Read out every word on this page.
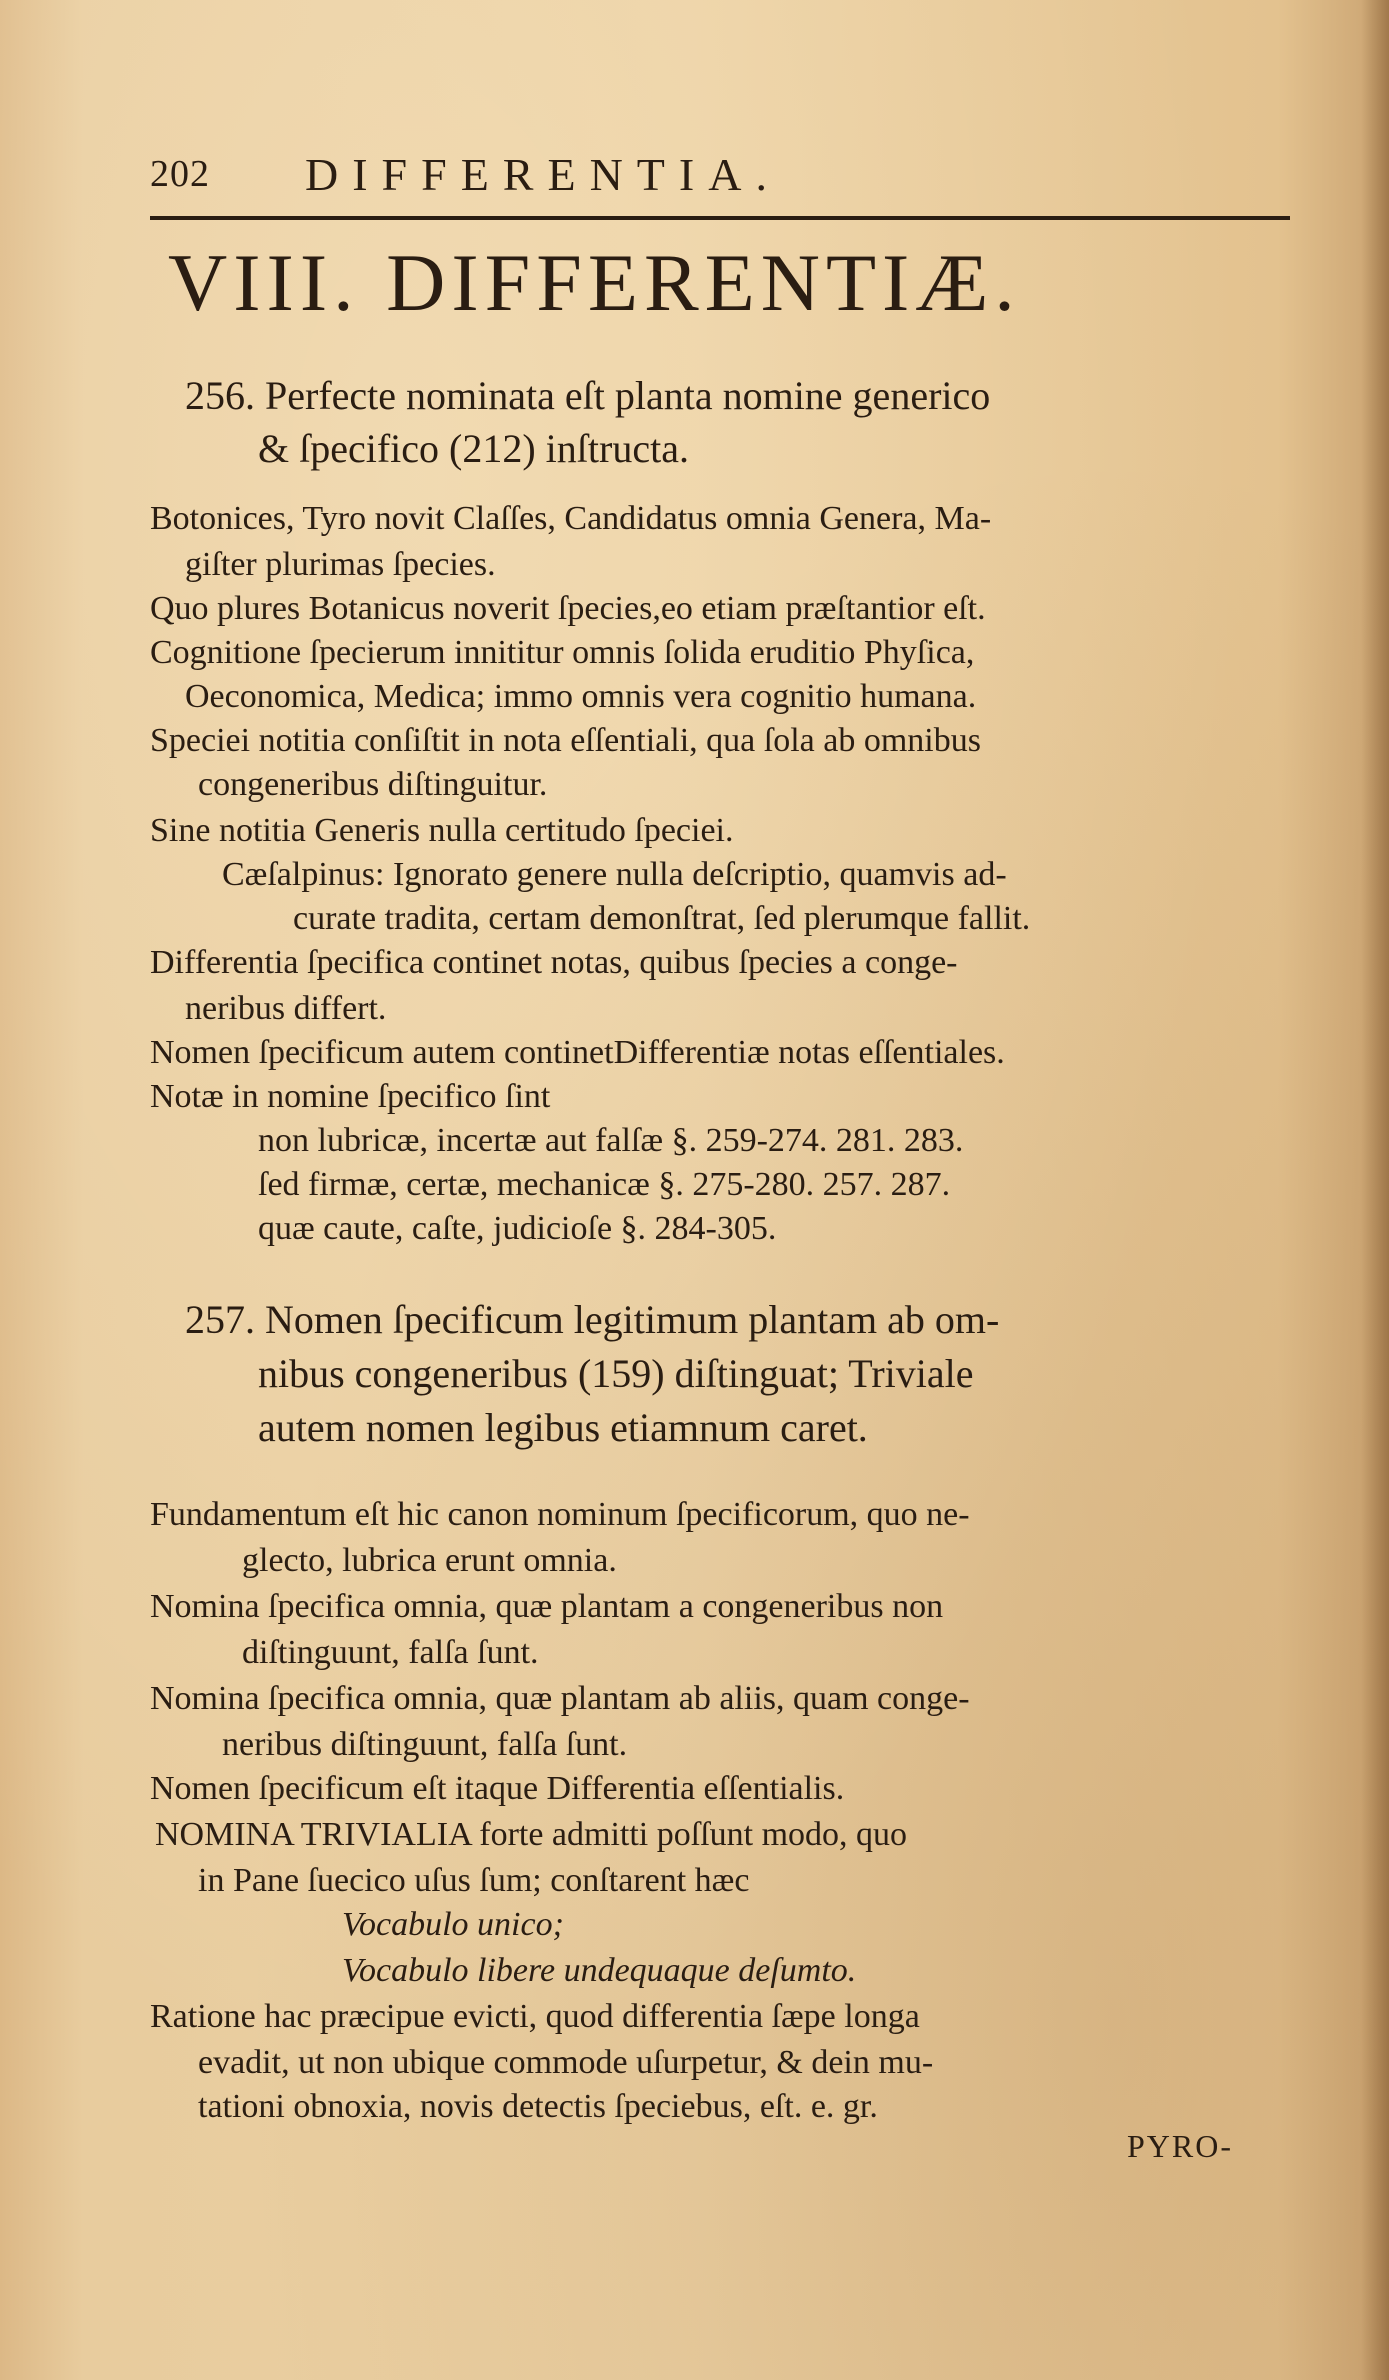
202 DIFFERENTIA.
VIII. DIFFERENTIÆ.
256. Perfecte nominata eſt planta nomine generico
& ſpecifico (212) inſtructa.
Botonices, Tyro novit Claſſes, Candidatus omnia Genera, Ma-
giſter plurimas ſpecies.
Quo plures Botanicus noverit ſpecies,eo etiam præſtantior eſt.
Cognitione ſpecierum innititur omnis ſolida eruditio Phyſica,
Oeconomica, Medica; immo omnis vera cognitio humana.
Speciei notitia conſiſtit in nota eſſentiali, qua ſola ab omnibus
congeneribus diſtinguitur.
Sine notitia Generis nulla certitudo ſpeciei.
Cæſalpinus: Ignorato genere nulla deſcriptio, quamvis ad-
curate tradita, certam demonſtrat, ſed plerumque fallit.
Differentia ſpecifica continet notas, quibus ſpecies a conge-
neribus differt.
Nomen ſpecificum autem continetDifferentiæ notas eſſentiales.
Notæ in nomine ſpecifico ſint
non lubricæ, incertæ aut falſæ §. 259-274. 281. 283.
ſed firmæ, certæ, mechanicæ §. 275-280. 257. 287.
quæ caute, caſte, judicioſe §. 284-305.
257. Nomen ſpecificum legitimum plantam ab om-
nibus congeneribus (159) diſtinguat; Triviale
autem nomen legibus etiamnum caret.
Fundamentum eſt hic canon nominum ſpecificorum, quo ne-
glecto, lubrica erunt omnia.
Nomina ſpecifica omnia, quæ plantam a congeneribus non
diſtinguunt, falſa ſunt.
Nomina ſpecifica omnia, quæ plantam ab aliis, quam conge-
neribus diſtinguunt, falſa ſunt.
Nomen ſpecificum eſt itaque Differentia eſſentialis.
NOMINA TRIVIALIA forte admitti poſſunt modo, quo
in Pane ſuecico uſus ſum; conſtarent hæc
Vocabulo unico;
Vocabulo libere undequaque deſumto.
Ratione hac præcipue evicti, quod differentia ſæpe longa
evadit, ut non ubique commode uſurpetur, & dein mu-
tationi obnoxia, novis detectis ſpeciebus, eſt. e. gr.
PYRO-
